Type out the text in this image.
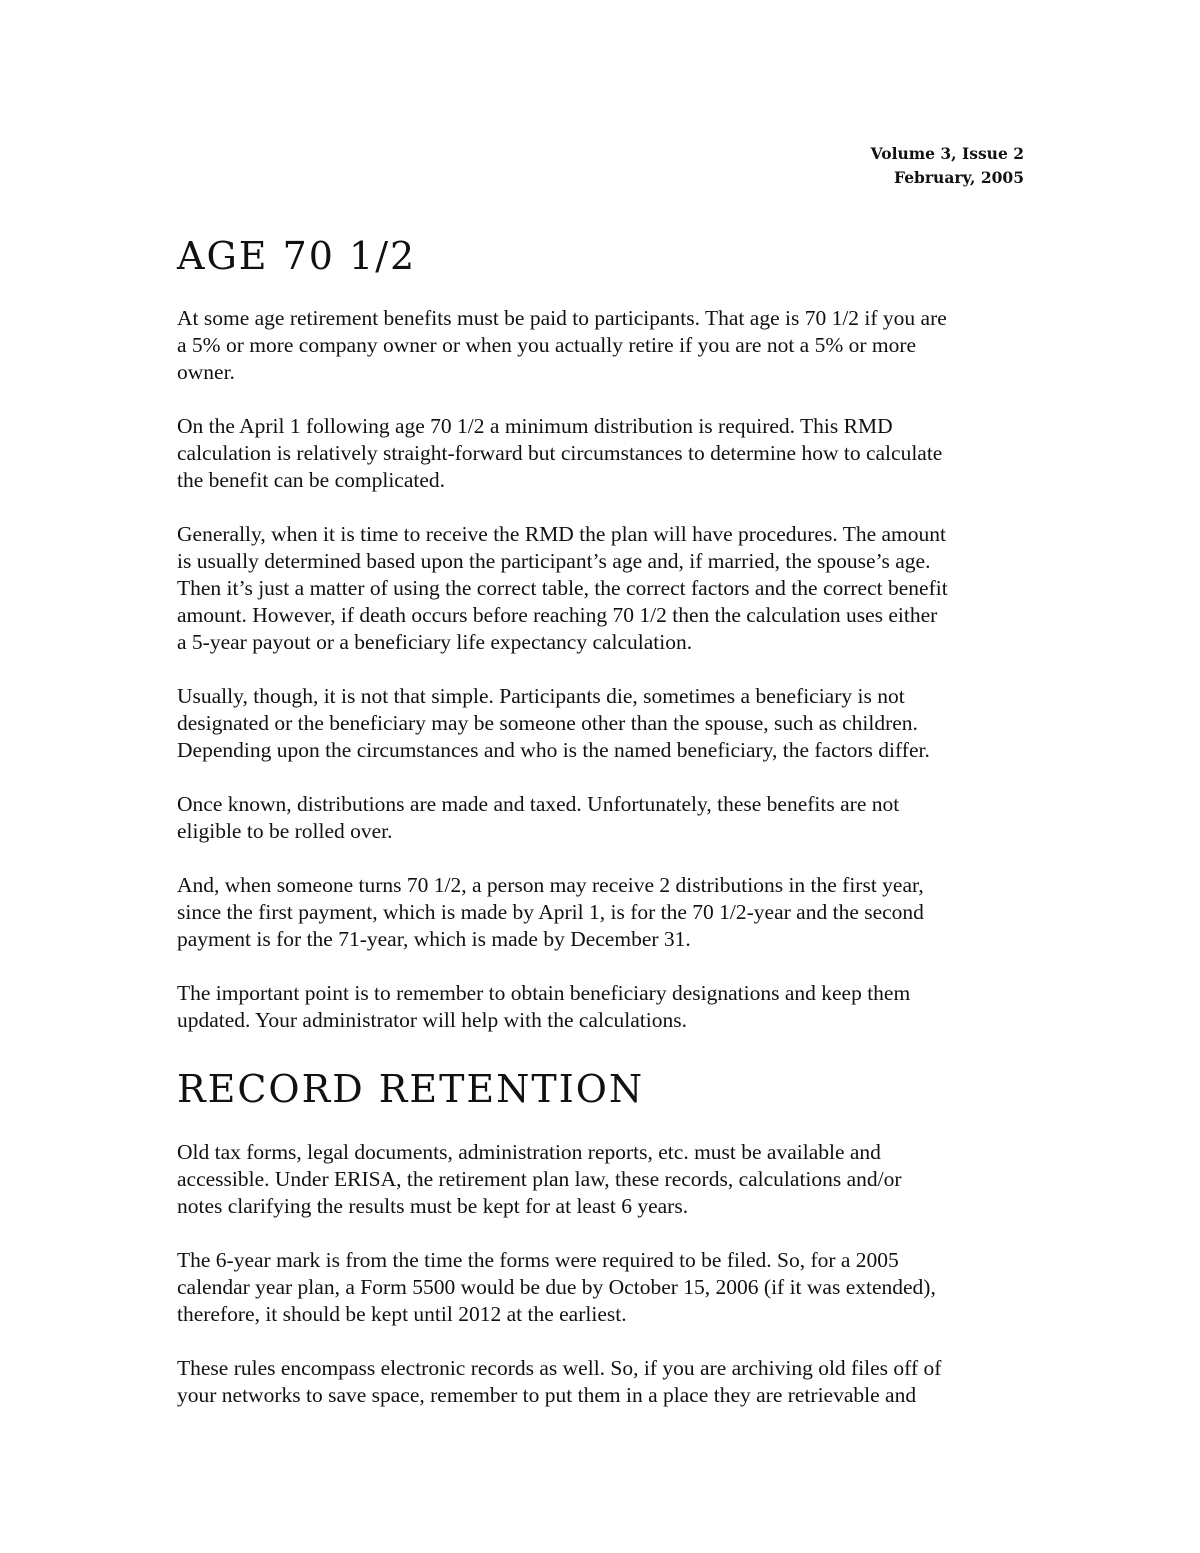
Volume 3, Issue 2
February, 2005
AGE 70 1/2

At some age retirement benefits must be paid to participants. That age is 70 1/2 if you are
a 5% or more company owner or when you actually retire if you are not a 5% or more
owner.

On the April 1 following age 70 1/2 a minimum distribution is required. This RMD
calculation is relatively straight-forward but circumstances to determine how to calculate
the benefit can be complicated.

Generally, when it is time to receive the RMD the plan will have procedures. The amount
is usually determined based upon the participant’s age and, if married, the spouse’s age.
Then it’s just a matter of using the correct table, the correct factors and the correct benefit
amount. However, if death occurs before reaching 70 1/2 then the calculation uses either
a 5-year payout or a beneficiary life expectancy calculation.

Usually, though, it is not that simple. Participants die, sometimes a beneficiary is not
designated or the beneficiary may be someone other than the spouse, such as children.
Depending upon the circumstances and who is the named beneficiary, the factors differ.

Once known, distributions are made and taxed. Unfortunately, these benefits are not
eligible to be rolled over.

And, when someone turns 70 1/2, a person may receive 2 distributions in the first year,
since the first payment, which is made by April 1, is for the 70 1/2-year and the second
payment is for the 71-year, which is made by December 31.

The important point is to remember to obtain beneficiary designations and keep them
updated. Your administrator will help with the calculations.

RECORD RETENTION

Old tax forms, legal documents, administration reports, etc. must be available and
accessible. Under ERISA, the retirement plan law, these records, calculations and/or
notes clarifying the results must be kept for at least 6 years.

The 6-year mark is from the time the forms were required to be filed. So, for a 2005
calendar year plan, a Form 5500 would be due by October 15, 2006 (if it was extended),
therefore, it should be kept until 2012 at the earliest.

These rules encompass electronic records as well. So, if you are archiving old files off of
your networks to save space, remember to put them in a place they are retrievable and
